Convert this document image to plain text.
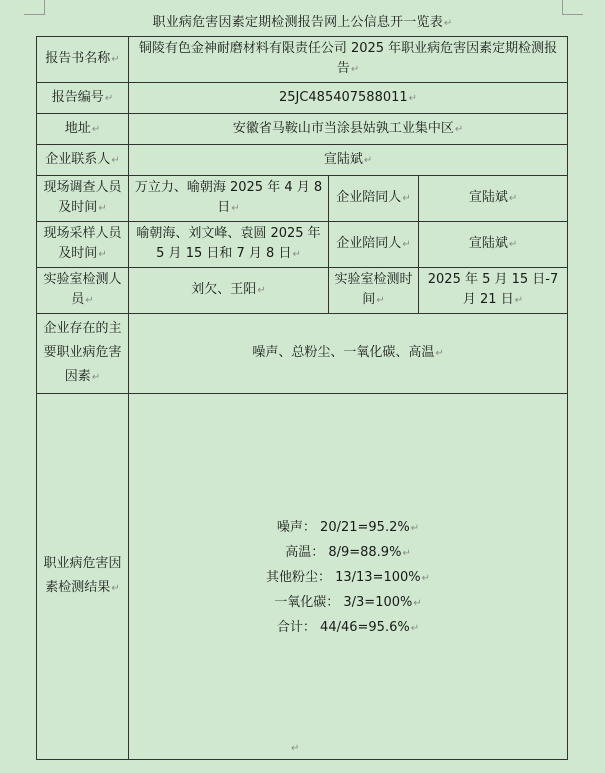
职业病危害因素定期检测报告网上公信息开一览表↵
报告书名称↵	铜陵有色金神耐磨材料有限责任公司 2025 年职业病危害因素定期检测报告↵		
报告编号↵	25JC485407588011↵		
地址↵	安徽省马鞍山市当涂县姑孰工业集中区↵		
企业联系人↵	宣陆斌↵		
现场调查人员及时间↵	万立力、喻朝海 2025 年 4 月 8 日↵	企业陪同人↵	宣陆斌↵
现场采样人员及时间↵	喻朝海、刘文峰、袁圆 2025 年 5 月 15 日和 7 月 8 日↵	企业陪同人↵	宣陆斌↵
实验室检测人员↵	刘欠、王阳↵	实验室检测时间↵	2025 年 5 月 15 日-7 月 21 日↵
企业存在的主要职业病危害因素↵	噪声、总粉尘、一氧化碳、高温↵		
职业病危害因素检测结果↵	噪声： 20/21=95.2%↵
高温： 8/9=88.9%↵
其他粉尘： 13/13=100%↵
一氧化碳： 3/3=100%↵
合计： 44/46=95.6%↵		
↵
